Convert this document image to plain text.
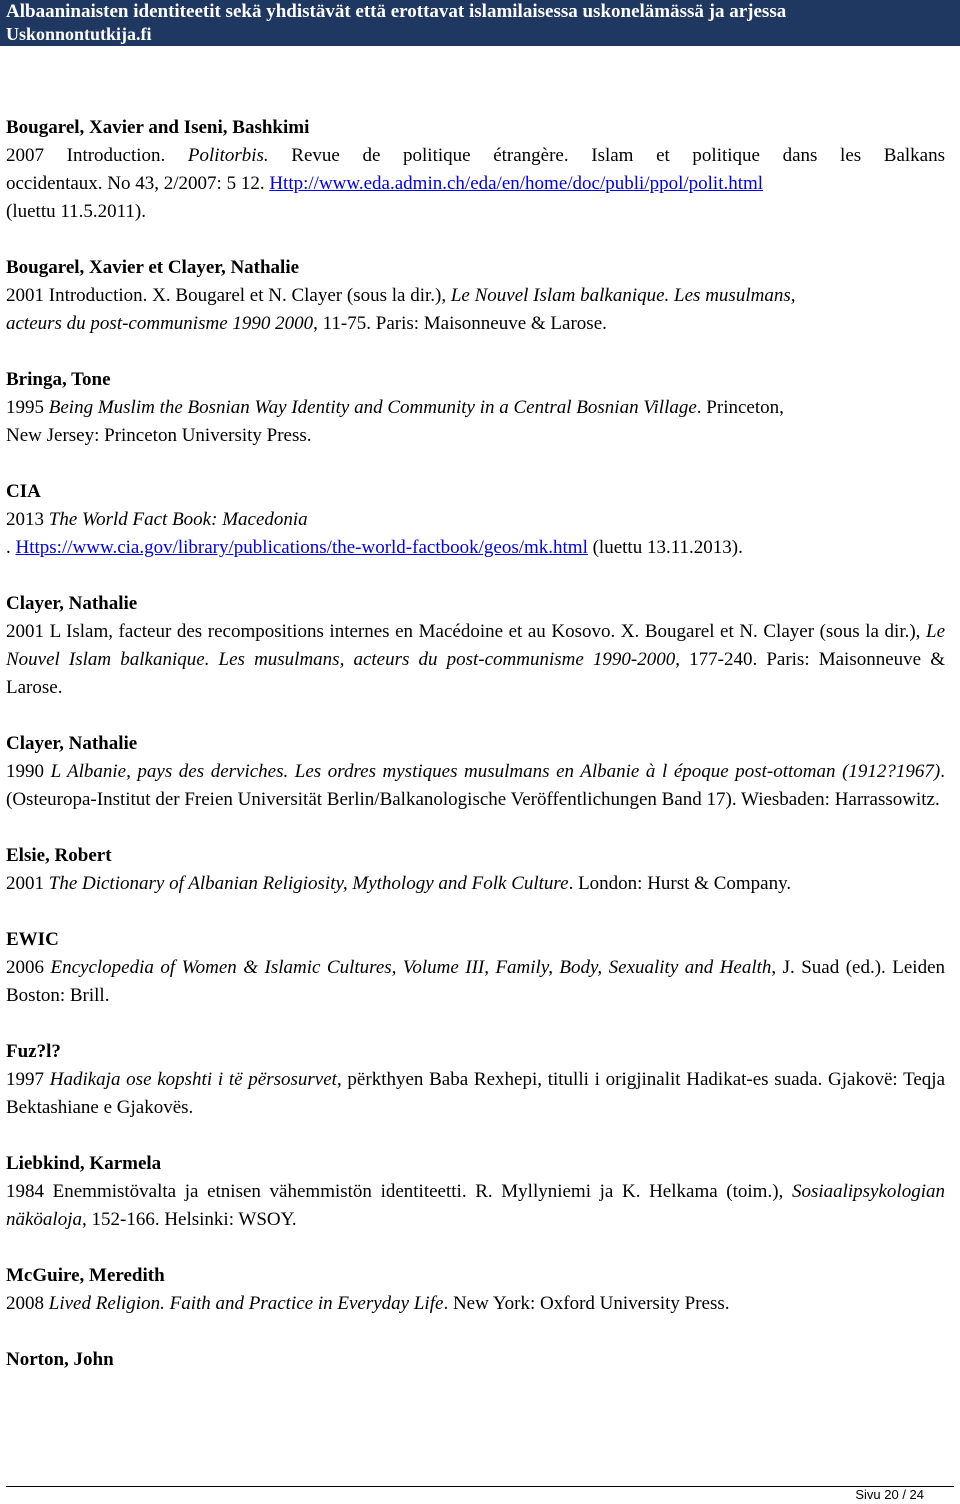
Albaaninaisten identiteetit sekä yhdistävät että erottavat islamilaisessa uskonelämässä ja arjessa
Uskonnontutkija.fi
Bougarel, Xavier and Iseni, Bashkimi
2007 Introduction. Politorbis. Revue de politique étrangère. Islam et politique dans les Balkans
occidentaux. No 43, 2/2007: 5 12. Http://www.eda.admin.ch/eda/en/home/doc/publi/ppol/polit.html
(luettu 11.5.2011).
Bougarel, Xavier et Clayer, Nathalie
2001 Introduction. X. Bougarel et N. Clayer (sous la dir.), Le Nouvel Islam balkanique. Les musulmans,
acteurs du post-communisme 1990 2000, 11-75. Paris: Maisonneuve & Larose.
Bringa, Tone
1995 Being Muslim the Bosnian Way Identity and Community in a Central Bosnian Village. Princeton,
New Jersey: Princeton University Press.
CIA
2013 The World Fact Book: Macedonia
. Https://www.cia.gov/library/publications/the-world-factbook/geos/mk.html (luettu 13.11.2013).
Clayer, Nathalie
2001 L Islam, facteur des recompositions internes en Macédoine et au Kosovo. X. Bougarel et N. Clayer (sous la dir.), Le Nouvel Islam balkanique. Les musulmans, acteurs du post-communisme 1990-2000, 177-240. Paris: Maisonneuve & Larose.
Clayer, Nathalie
1990 L Albanie, pays des derviches. Les ordres mystiques musulmans en Albanie à l époque post-ottoman (1912?1967). (Osteuropa-Institut der Freien Universität Berlin/Balkanologische Veröffentlichungen Band 17). Wiesbaden: Harrassowitz.
Elsie, Robert
2001 The Dictionary of Albanian Religiosity, Mythology and Folk Culture. London: Hurst & Company.
EWIC
2006 Encyclopedia of Women & Islamic Cultures, Volume III, Family, Body, Sexuality and Health, J. Suad (ed.). Leiden Boston: Brill.
Fuz?l?
1997 Hadikaja ose kopshti i të përsosurvet, përkthyen Baba Rexhepi, titulli i origjinalit Hadikat-es suada. Gjakovë: Teqja Bektashiane e Gjakovës.
Liebkind, Karmela
1984 Enemmistövalta ja etnisen vähemmistön identiteetti. R. Myllyniemi ja K. Helkama (toim.), Sosiaalipsykologian näköaloja, 152-166. Helsinki: WSOY.
McGuire, Meredith
2008 Lived Religion. Faith and Practice in Everyday Life. New York: Oxford University Press.
Norton, John
Sivu 20 / 24
